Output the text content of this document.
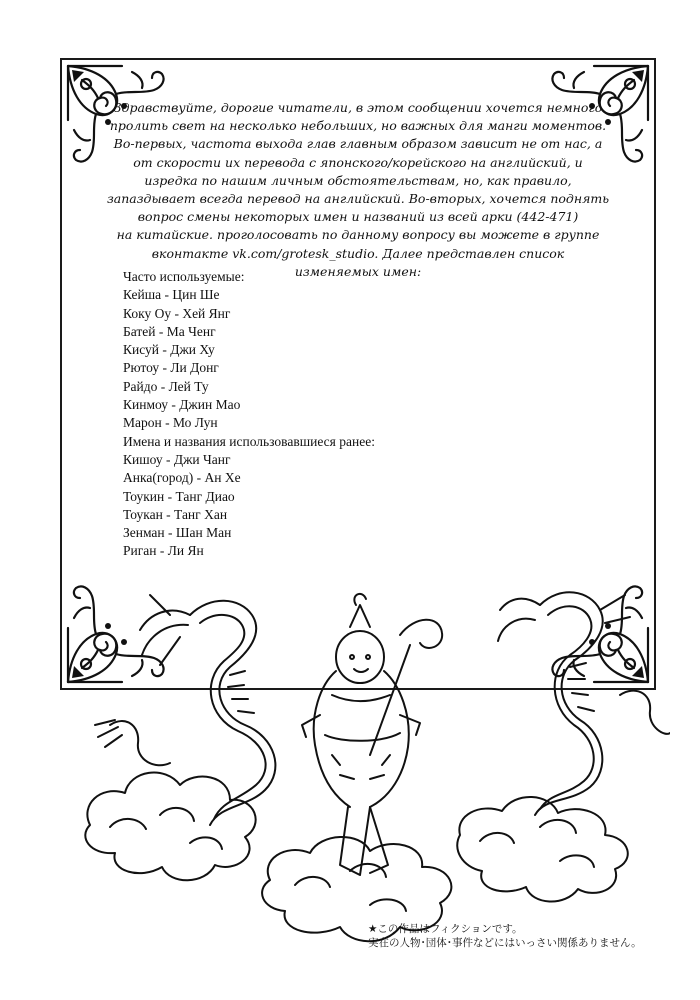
Здравствуйте, дорогие читатели, в этом сообщении хочется немного
пролить свет на несколько небольших, но важных для манги моментов.
Во-первых, частота выхода глав главным образом зависит не от нас, а
от скорости их перевода с японского/корейского на английский, и
изредка по нашим личным обстоятельствам, но, как правило,
запаздывает всегда перевод на английский. Во-вторых, хочется поднять
вопрос смены некоторых имен и названий из всей арки (442-471)
на китайские. проголосовать по данному вопросу вы можете в группе
вконтакте vk.com/grotesk_studio. Далее представлен список
изменяемых имен:
Часто используемые:
Кейша - Цин Ше
Коку Оу - Хей Янг
Батей - Ма Ченг
Кисуй - Джи Ху
Рютоу - Ли Донг
Райдо - Лей Ту
Кинмоу - Джин Мао
Марон - Мо Лун
Имена и названия использовавшиеся ранее:
Кишоу - Джи Чанг
Анка(город) - Ан Хе
Тоукин - Танг Диао
Тоукан - Танг Хан
Зенман - Шан Ман
Риган - Ли Ян
★この作品はフィクションです。
実在の人物･団体･事件などにはいっさい関係ありません。
